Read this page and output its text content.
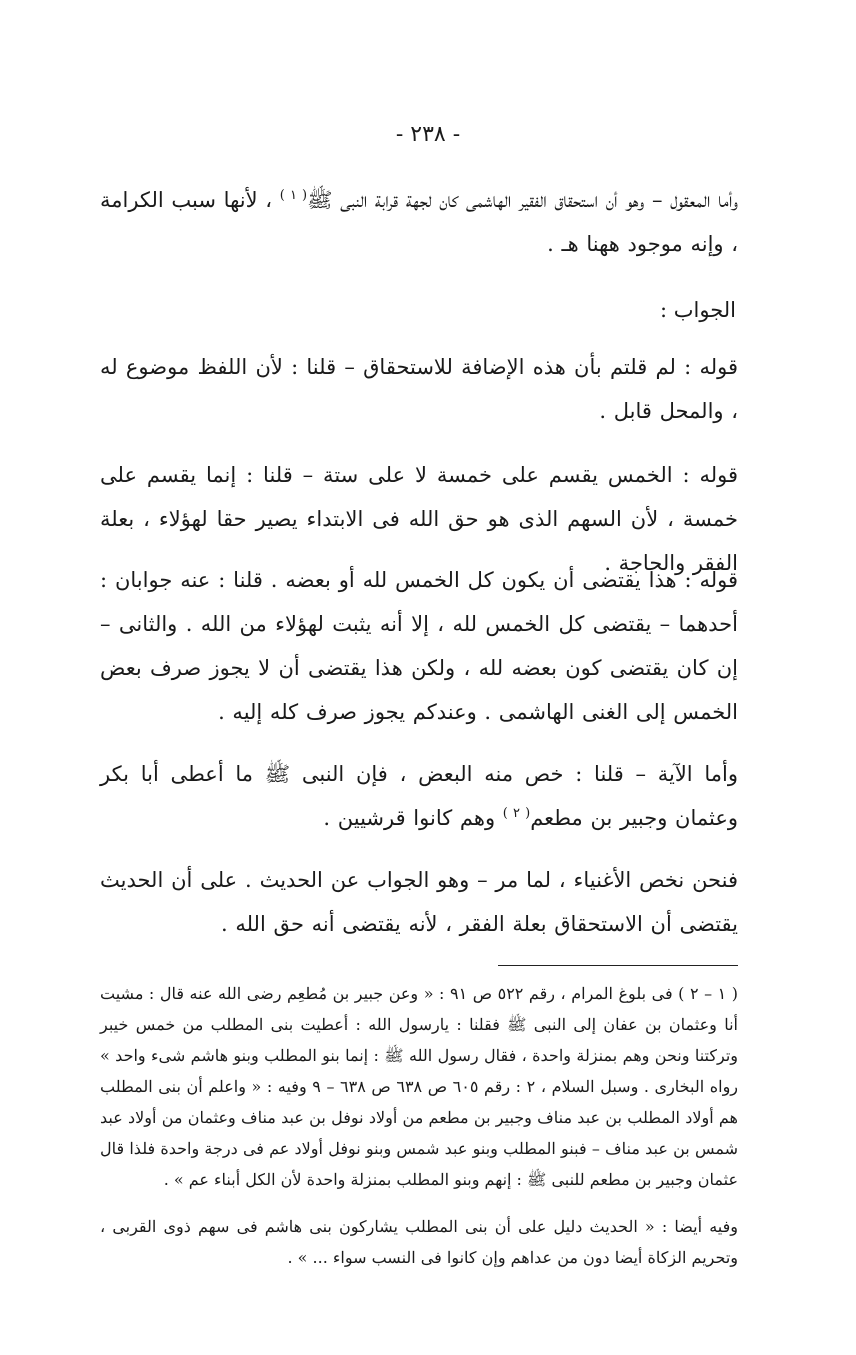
- ٢٣٨ -

وأما المعقول – وهو أن استحقاق الفقير الهاشمى كان لجهة قرابة النبى ﷺ$^{( ١ )}$ ، لأنها سبب الكرامة ، وإنه موجود ههنا هـ .

الجواب :

قوله : لم قلتم بأن هذه الإضافة للاستحقاق – قلنا : لأن اللفظ موضوع له ، والمحل قابل .

قوله : الخمس يقسم على خمسة لا على ستة – قلنا : إنما يقسم على خمسة ، لأن السهم الذى هو حق الله فى الابتداء يصير حقا لهؤلاء ، بعلة الفقر والحاجة .

قوله : هذا يقتضى أن يكون كل الخمس لله أو بعضه . قلنا : عنه جوابان : أحدهما – يقتضى كل الخمس لله ، إلا أنه يثبت لهؤلاء من الله . والثانى – إن كان يقتضى كون بعضه لله ، ولكن هذا يقتضى أن لا يجوز صرف بعض الخمس إلى الغنى الهاشمى . وعندكم يجوز صرف كله إليه .

وأما الآية – قلنا : خص منه البعض ، فإن النبى ﷺ ما أعطى أبا بكر وعثمان وجبير بن مطعم$^{( ٢ )}$ وهم كانوا قرشيين .

فنحن نخص الأغنياء ، لما مر – وهو الجواب عن الحديث . على أن الحديث يقتضى أن الاستحقاق بعلة الفقر ، لأنه يقتضى أنه حق الله .

( ١ – ٢ ) فى بلوغ المرام ، رقم ٥٢٢ ص ٩١ : « وعن جبير بن مُطعِم رضى الله عنه قال : مشيت أنا وعثمان بن عفان إلى النبى ﷺ فقلنا : يارسول الله : أعطيت بنى المطلب من خمس خيبر وتركتنا ونحن وهم بمنزلة واحدة ، فقال رسول الله ﷺ : إنما بنو المطلب وبنو هاشم شىء واحد » رواه البخارى . وسبل السلام ، ٢ : رقم ٦٠٥ ص ٦٣٨ ص ٦٣٨ – ٩ وفيه : « واعلم أن بنى المطلب هم أولاد المطلب بن عبد مناف وجبير بن مطعم من أولاد نوفل بن عبد مناف وعثمان من أولاد عبد شمس بن عبد مناف – فبنو المطلب وبنو عبد شمس وبنو نوفل أولاد عم فى درجة واحدة فلذا قال عثمان وجبير بن مطعم للنبى ﷺ : إنهم وبنو المطلب بمنزلة واحدة لأن الكل أبناء عم » .

وفيه أيضا : « الحديث دليل على أن بنى المطلب يشاركون بنى هاشم فى سهم ذوى القربى ، وتحريم الزكاة أيضا دون من عداهم وإن كانوا فى النسب سواء ... » .
